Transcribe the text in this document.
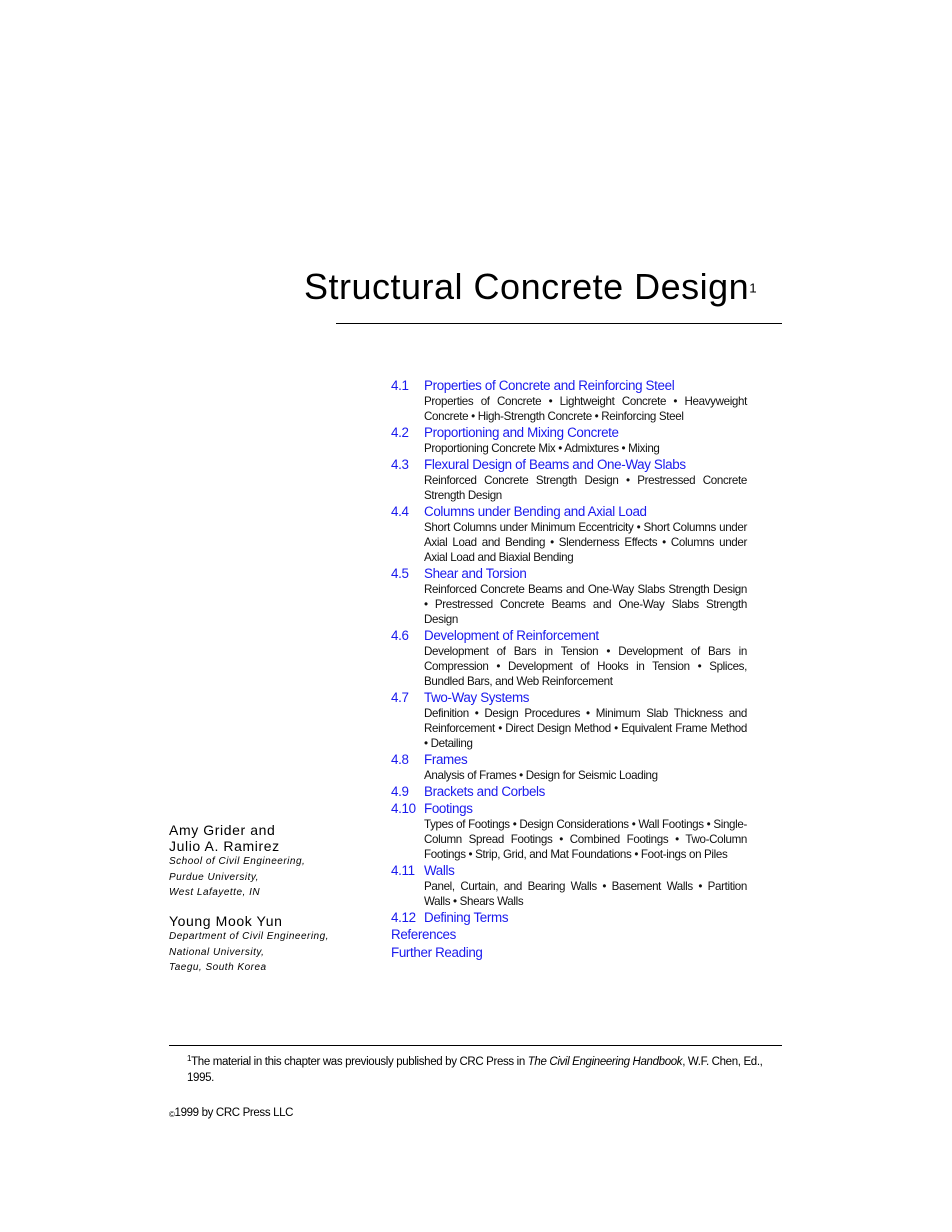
Structural Concrete Design$^1$
4.1 Properties of Concrete and Reinforcing Steel
Properties of Concrete • Lightweight Concrete • Heavyweight Concrete • High-Strength Concrete • Reinforcing Steel
4.2 Proportioning and Mixing Concrete
Proportioning Concrete Mix • Admixtures • Mixing
4.3 Flexural Design of Beams and One-Way Slabs
Reinforced Concrete Strength Design • Prestressed Concrete Strength Design
4.4 Columns under Bending and Axial Load
Short Columns under Minimum Eccentricity • Short Columns under Axial Load and Bending • Slenderness Effects • Columns under Axial Load and Biaxial Bending
4.5 Shear and Torsion
Reinforced Concrete Beams and One-Way Slabs Strength Design • Prestressed Concrete Beams and One-Way Slabs Strength Design
4.6 Development of Reinforcement
Development of Bars in Tension • Development of Bars in Compression • Development of Hooks in Tension • Splices, Bundled Bars, and Web Reinforcement
4.7 Two-Way Systems
Definition • Design Procedures • Minimum Slab Thickness and Reinforcement • Direct Design Method • Equivalent Frame Method • Detailing
4.8 Frames
Analysis of Frames • Design for Seismic Loading
4.9 Brackets and Corbels
4.10 Footings
Types of Footings • Design Considerations • Wall Footings • Single-Column Spread Footings • Combined Footings • Two-Column Footings • Strip, Grid, and Mat Foundations • Foot-ings on Piles
4.11 Walls
Panel, Curtain, and Bearing Walls • Basement Walls • Partition Walls • Shears Walls
4.12 Defining Terms
References
Further Reading
Amy Grider and
Julio A. Ramirez
School of Civil Engineering,
Purdue University,
West Lafayette, IN
Young Mook Yun
Department of Civil Engineering,
National University,
Taegu, South Korea
$^1$The material in this chapter was previously published by CRC Press in The Civil Engineering Handbook, W.F. Chen, Ed., 1995.
©1999 by CRC Press LLC
